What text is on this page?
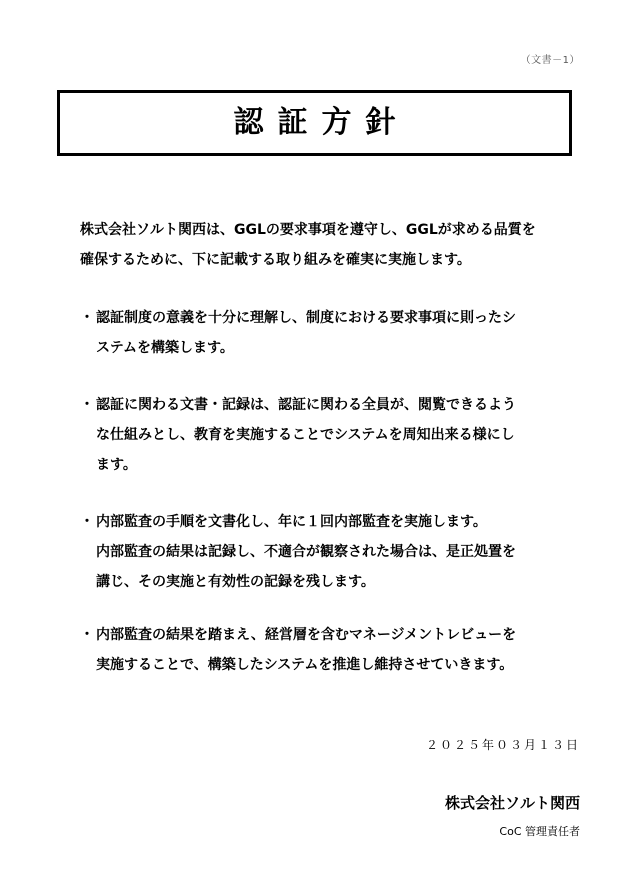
（文書－1）
認証方針
株式会社ソルト関西は、GGLの要求事項を遵守し、GGLが求める品質を
確保するために、下に記載する取り組みを確実に実施します。
・ 認証制度の意義を十分に理解し、制度における要求事項に則ったシ
ステムを構築します。
・ 認証に関わる文書・記録は、認証に関わる全員が、閲覧できるよう
な仕組みとし、教育を実施することでシステムを周知出来る様にし
ます。
・ 内部監査の手順を文書化し、年に１回内部監査を実施します。
内部監査の結果は記録し、不適合が観察された場合は、是正処置を
講じ、その実施と有効性の記録を残します。
・ 内部監査の結果を踏まえ、経営層を含むマネージメントレビューを
実施することで、構築したシステムを推進し維持させていきます。
２０２５年０３月１３日
株式会社ソルト関西
CoC 管理責任者
